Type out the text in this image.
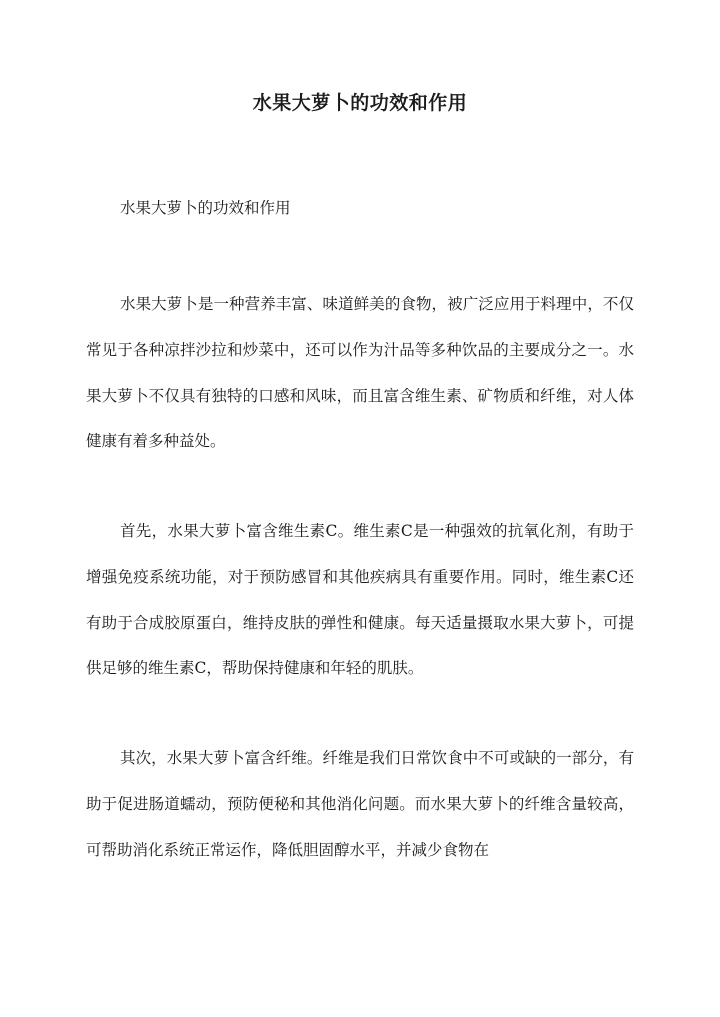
水果大萝卜的功效和作用

水果大萝卜的功效和作用

水果大萝卜是一种营养丰富、味道鲜美的食物，被广泛应用于料理中，不仅常见于各种凉拌沙拉和炒菜中，还可以作为汁品等多种饮品的主要成分之一。水果大萝卜不仅具有独特的口感和风味，而且富含维生素、矿物质和纤维，对人体健康有着多种益处。

首先，水果大萝卜富含维生素C。维生素C是一种强效的抗氧化剂，有助于增强免疫系统功能，对于预防感冒和其他疾病具有重要作用。同时，维生素C还有助于合成胶原蛋白，维持皮肤的弹性和健康。每天适量摄取水果大萝卜，可提供足够的维生素C，帮助保持健康和年轻的肌肤。

其次，水果大萝卜富含纤维。纤维是我们日常饮食中不可或缺的一部分，有助于促进肠道蠕动，预防便秘和其他消化问题。而水果大萝卜的纤维含量较高，可帮助消化系统正常运作，降低胆固醇水平，并减少食物在
